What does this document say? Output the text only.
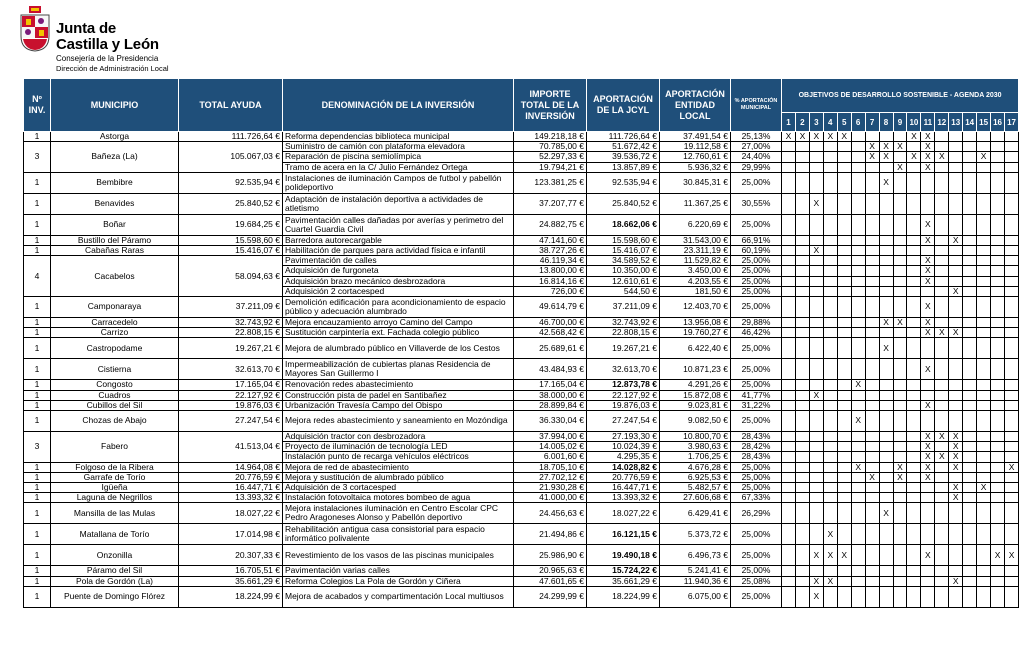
Junta de
Castilla y León
Consejería de la Presidencia
Dirección de Administración Local
Nº INV.	MUNICIPIO	TOTAL AYUDA	DENOMINACIÓN DE LA INVERSIÓN	IMPORTE TOTAL DE LA INVERSIÓN	APORTACIÓN DE LA JCYL	APORTACIÓN ENTIDAD LOCAL	% APORTACIÓN MUNICIPAL	OBJETIVOS DE DESARROLLO SOSTENIBLE - AGENDA 2030																
								1	2	3	4	5	6	7	8	9	10	11	12	13	14	15	16	17
1	Astorga	111.726,64 €	Reforma dependencias biblioteca municipal	149.218,18 €	111.726,64 €	37.491,54 €	25,13%	X	X	X	X	X					X	X						
3	Bañeza (La)	105.067,03 €	Suministro de camión con plataforma elevadora	70.785,00 €	51.672,42 €	19.112,58 €	27,00%							X	X	X		X						
			Reparación de piscina semiolímpica	52.297,33 €	39.536,72 €	12.760,61 €	24,40%							X	X		X	X	X			X		
			Tramo de acera en la C/ Julio Fernández Ortega	19.794,21 €	13.857,89 €	5.936,32 €	29,99%									X		X						
1	Bembibre	92.535,94 €	Instalaciones de iluminación Campos de futbol y pabellón polideportivo	123.381,25 €	92.535,94 €	30.845,31 €	25,00%								X									
1	Benavides	25.840,52 €	Adaptación de instalación deportiva a actividades de atletismo	37.207,77 €	25.840,52 €	11.367,25 €	30,55%			X														
1	Boñar	19.684,25 €	Pavimentación calles dañadas por averías y perimetro del Cuartel Guardia Civil	24.882,75 €	18.662,06 €	6.220,69 €	25,00%											X						
1	Bustillo del Páramo	15.598,60 €	Barredora autorecargable	47.141,60 €	15.598,60 €	31.543,00 €	66,91%											X		X				
1	Cabañas Raras	15.416,07 €	Habilitación de parques para actividad física e infantil	38.727,26 €	15.416,07 €	23.311,19 €	60,19%			X														
4	Cacabelos	58.094,63 €	Pavimentación de calles	46.119,34 €	34.589,52 €	11.529,82 €	25,00%											X						
			Adquisición de furgoneta	13.800,00 €	10.350,00 €	3.450,00 €	25,00%											X						
			Adquisición brazo mecánico desbrozadora	16.814,16 €	12.610,61 €	4.203,55 €	25,00%											X						
			Adquisición 2 cortacesped	726,00 €	544,50 €	181,50 €	25,00%													X				
1	Camponaraya	37.211,09 €	Demolición edificación para acondicionamiento de espacio público y adecuación alumbrado	49.614,79 €	37.211,09 €	12.403,70 €	25,00%											X						
1	Carracedelo	32.743,92 €	Mejora encauzamiento arroyo Camino del Campo	46.700,00 €	32.743,92 €	13.956,08 €	29,88%								X	X		X						
1	Carrizo	22.808,15 €	Sustitución carpintería ext. Fachada colegio público	42.568,42 €	22.808,15 €	19.760,27 €	46,42%											X	X	X				
1	Castropodame	19.267,21 €	Mejora de alumbrado público en Villaverde de los Cestos	25.689,61 €	19.267,21 €	6.422,40 €	25,00%								X									
1	Cistierna	32.613,70 €	Impermeabilización de cubiertas planas Residencia de Mayores San Guillermo I	43.484,93 €	32.613,70 €	10.871,23 €	25,00%											X						
1	Congosto	17.165,04 €	Renovación redes abastecimiento	17.165,04 €	12.873,78 €	4.291,26 €	25,00%						X											
1	Cuadros	22.127,92 €	Construcción pista de padel en Santibañez	38.000,00 €	22.127,92 €	15.872,08 €	41,77%			X														
1	Cubillos del Sil	19.876,03 €	Urbanización Travesía Campo del Obispo	28.899,84 €	19.876,03 €	9.023,81 €	31,22%											X						
1	Chozas de Abajo	27.247,54 €	Mejora redes abastecimiento y saneamiento en Mozóndiga	36.330,04 €	27.247,54 €	9.082,50 €	25,00%						X											
3	Fabero	41.513,04 €	Adquisición tractor con desbrozadora	37.994,00 €	27.193,30 €	10.800,70 €	28,43%											X	X	X				
			Proyecto de iluminación de tecnología LED	14.005,02 €	10.024,39 €	3.980,63 €	28,42%											X		X				
			Instalación punto de recarga vehículos eléctricos	6.001,60 €	4.295,35 €	1.706,25 €	28,43%											X	X	X				
1	Folgoso de la Ribera	14.964,08 €	Mejora de red de abastecimiento	18.705,10 €	14.028,82 €	4.676,28 €	25,00%						X			X		X		X				X
1	Garrafe de Torío	20.776,59 €	Mejora y sustitución de alumbrado público	27.702,12 €	20.776,59 €	6.925,53 €	25,00%							X		X		X						
1	Igüeña	16.447,71 €	Adquisición de 3 cortacesped	21.930,28 €	16.447,71 €	5.482,57 €	25,00%													X		X		
1	Laguna de Negrillos	13.393,32 €	Instalación fotovoltaica motores bombeo de agua	41.000,00 €	13.393,32 €	27.606,68 €	67,33%													X				
1	Mansilla de las Mulas	18.027,22 €	Mejora instalaciones iluminación en Centro Escolar CPC Pedro Aragoneses Alonso y Pabellón deportivo	24.456,63 €	18.027,22 €	6.429,41 €	26,29%								X									
1	Matallana de Torío	17.014,98 €	Rehabilitación antigua casa consistorial para espacio informático polivalente	21.494,86 €	16.121,15 €	5.373,72 €	25,00%				X													
1	Onzonilla	20.307,33 €	Revestimiento de los vasos de las piscinas municipales	25.986,90 €	19.490,18 €	6.496,73 €	25,00%			X	X	X						X					X	X
1	Páramo del Sil	16.705,51 €	Pavimentación varias calles	20.965,63 €	15.724,22 €	5.241,41 €	25,00%																	
1	Pola de Gordón (La)	35.661,29 €	Reforma Colegios La Pola de Gordón y Ciñera	47.601,65 €	35.661,29 €	11.940,36 €	25,08%			X	X									X				
1	Puente de Domingo Flórez	18.224,99 €	Mejora de acabados y compartimentación Local multiusos	24.299,99 €	18.224,99 €	6.075,00 €	25,00%			X														
